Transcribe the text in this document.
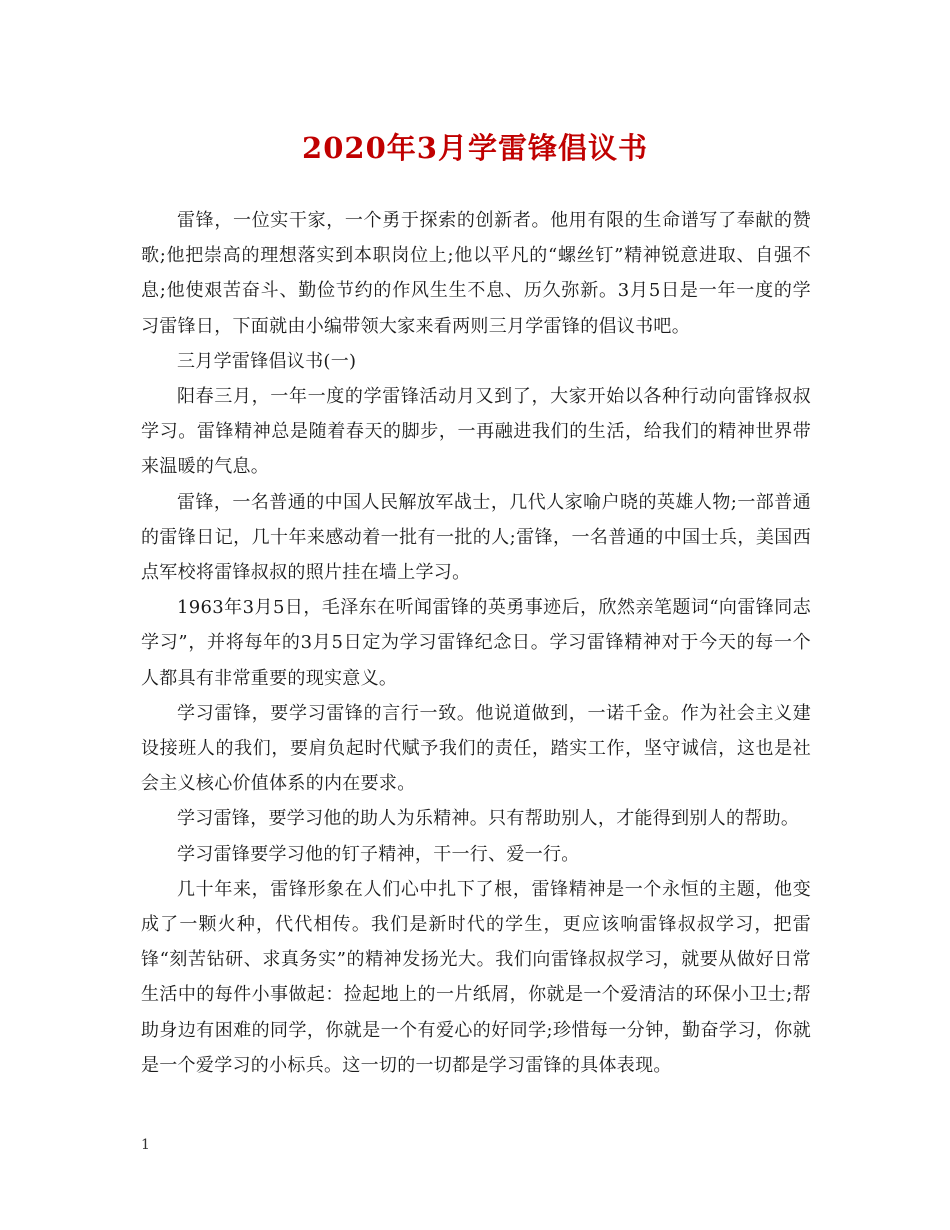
2020年3月学雷锋倡议书

雷锋，一位实干家，一个勇于探索的创新者。他用有限的生命谱写了奉献的赞歌;他把崇高的理想落实到本职岗位上;他以平凡的“螺丝钉”精神锐意进取、自强不息;他使艰苦奋斗、勤俭节约的作风生生不息、历久弥新。3月5日是一年一度的学习雷锋日，下面就由小编带领大家来看两则三月学雷锋的倡议书吧。

三月学雷锋倡议书(一)

阳春三月，一年一度的学雷锋活动月又到了，大家开始以各种行动向雷锋叔叔学习。雷锋精神总是随着春天的脚步，一再融进我们的生活，给我们的精神世界带来温暖的气息。

雷锋，一名普通的中国人民解放军战士，几代人家喻户晓的英雄人物;一部普通的雷锋日记，几十年来感动着一批有一批的人;雷锋，一名普通的中国士兵，美国西点军校将雷锋叔叔的照片挂在墙上学习。

1963年3月5日，毛泽东在听闻雷锋的英勇事迹后，欣然亲笔题词“向雷锋同志学习”，并将每年的3月5日定为学习雷锋纪念日。学习雷锋精神对于今天的每一个人都具有非常重要的现实意义。

学习雷锋，要学习雷锋的言行一致。他说道做到，一诺千金。作为社会主义建设接班人的我们，要肩负起时代赋予我们的责任，踏实工作，坚守诚信，这也是社会主义核心价值体系的内在要求。

学习雷锋，要学习他的助人为乐精神。只有帮助别人，才能得到别人的帮助。

学习雷锋要学习他的钉子精神，干一行、爱一行。

几十年来，雷锋形象在人们心中扎下了根，雷锋精神是一个永恒的主题，他变成了一颗火种，代代相传。我们是新时代的学生，更应该响雷锋叔叔学习，把雷锋“刻苦钻研、求真务实”的精神发扬光大。我们向雷锋叔叔学习，就要从做好日常生活中的每件小事做起：捡起地上的一片纸屑，你就是一个爱清洁的环保小卫士;帮助身边有困难的同学，你就是一个有爱心的好同学;珍惜每一分钟，勤奋学习，你就是一个爱学习的小标兵。这一切的一切都是学习雷锋的具体表现。

1
